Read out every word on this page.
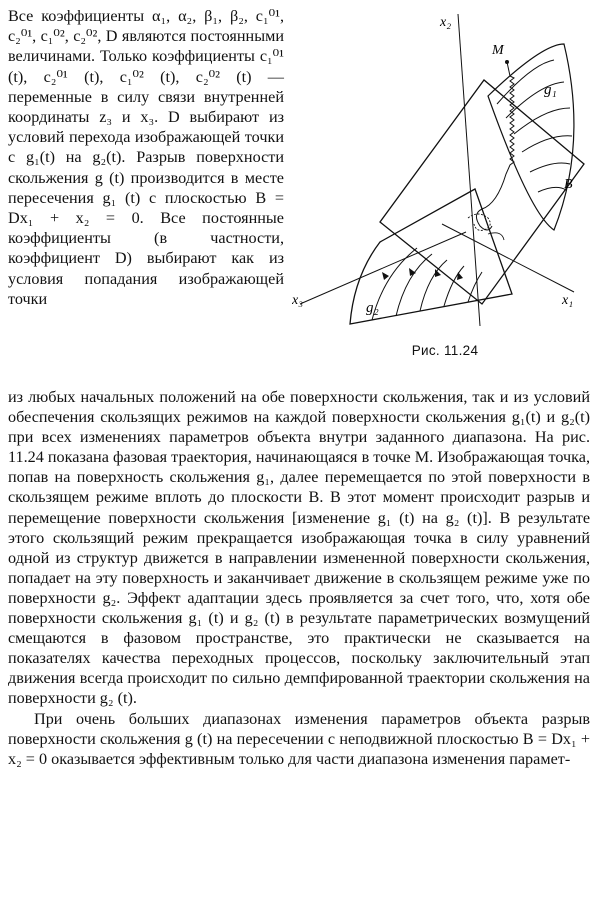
Все коэффициенты α₁, α₂, β₁, β₂, c₁⁰¹, c₂⁰¹, c₁⁰², c₂⁰², D являются постоянными величинами. Только коэффициенты c₁⁰¹ (t), c₂⁰¹ (t), c₁⁰² (t), c₂⁰² (t) — переменные в силу связи внутренней координаты z₃ и x₃. D выбирают из условий перехода изображающей точки с g₁(t) на g₂(t). Разрыв поверхности скольжения g (t) производится в месте пересечения g₁ (t) с плоскостью B = Dx₁ + x₂ = 0. Все постоянные коэффициенты (в частности, коэффициент D) выбирают как из условия попадания изображающей точки

x₂
M
g₁
B
x₁
x₃	g₂
Рис. 11.24

из любых начальных положений на обе поверхности скольжения, так и из условий обеспечения скользящих режимов на каждой поверхности скольжения g₁(t) и g₂(t) при всех изменениях параметров объекта внутри заданного диапазона. На рис. 11.24 показана фазовая траектория, начинающаяся в точке M. Изображающая точка, попав на поверхность скольжения g₁, далее перемещается по этой поверхности в скользящем режиме вплоть до плоскости B. В этот момент происходит разрыв и перемещение поверхности скольжения [изменение g₁ (t) на g₂ (t)]. В результате этого скользящий режим прекращается изображающая точка в силу уравнений одной из структур движется в направлении измененной поверхности скольжения, попадает на эту поверхность и заканчивает движение в скользящем режиме уже по поверхности g₂. Эффект адаптации здесь проявляется за счет того, что, хотя обе поверхности скольжения g₁ (t) и g₂ (t) в результате параметрических возмущений смещаются в фазовом пространстве, это практически не сказывается на показателях качества переходных процессов, поскольку заключительный этап движения всегда происходит по сильно демпфированной траектории скольжения на поверхности g₂ (t).

При очень больших диапазонах изменения параметров объекта разрыв поверхности скольжения g (t) на пересечении с неподвижной плоскостью B = Dx₁ + x₂ = 0 оказывается эффективным только для части диапазона изменения парамет-
